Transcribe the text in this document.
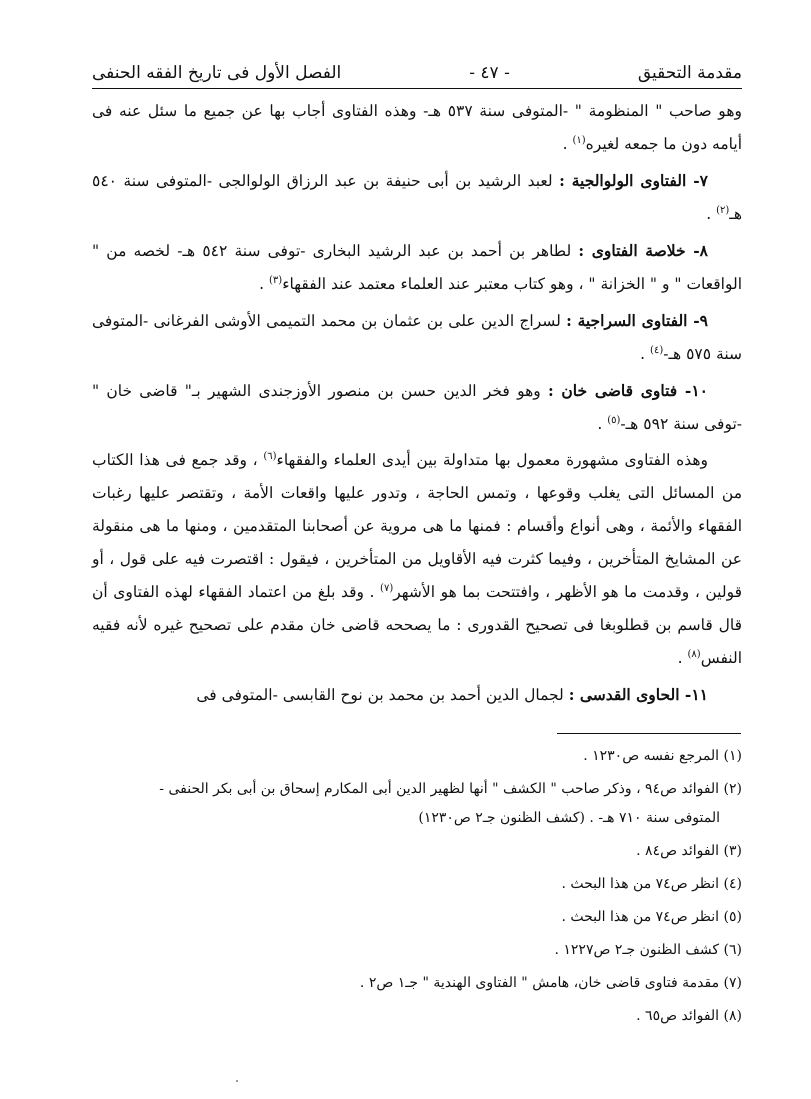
مقدمة التحقيق
- ٤٧ -
الفصل الأول فى تاريخ الفقه الحنفى

وهو صاحب " المنظومة " -المتوفى سنة ٥٣٧ هـ- وهذه الفتاوى أجاب بها عن جميع ما سئل عنه فى أيامه دون ما جمعه لغيره$^{(١)}$ .

٧- الفتاوى الولوالجية : لعبد الرشيد بن أبى حنيفة بن عبد الرزاق الولوالجى -المتوفى سنة ٥٤٠ هـ$^{(٢)}$ .

٨- خلاصة الفتاوى : لطاهر بن أحمد بن عبد الرشيد البخارى -توفى سنة ٥٤٢ هـ- لخصه من " الواقعات " و " الخزانة " ، وهو كتاب معتبر عند العلماء معتمد عند الفقهاء$^{(٣)}$ .

٩- الفتاوى السراجية : لسراج الدين على بن عثمان بن محمد التميمى الأوشى الفرغانى -المتوفى سنة ٥٧٥ هـ-$^{(٤)}$ .

١٠- فتاوى قاضى خان : وهو فخر الدين حسن بن منصور الأوزجندى الشهير بـ" قاضى خان " -توفى سنة ٥٩٢ هـ-$^{(٥)}$ .

وهذه الفتاوى مشهورة معمول بها متداولة بين أيدى العلماء والفقهاء$^{(٦)}$ ، وقد جمع فى هذا الكتاب من المسائل التى يغلب وقوعها ، وتمس الحاجة ، وتدور عليها واقعات الأمة ، وتقتصر عليها رغبات الفقهاء والأئمة ، وهى أنواع وأقسام : فمنها ما هى مروية عن أصحابنا المتقدمين ، ومنها ما هى منقولة عن المشايخ المتأخرين ، وفيما كثرت فيه الأقاويل من المتأخرين ، فيقول : اقتصرت فيه على قول ، أو قولين ، وقدمت ما هو الأظهر ، وافتتحت بما هو الأشهر$^{(٧)}$ . وقد بلغ من اعتماد الفقهاء لهذه الفتاوى أن قال قاسم بن قطلوبغا فى تصحيح القدورى : ما يصححه قاضى خان مقدم على تصحيح غيره لأنه فقيه النفس$^{(٨)}$ .

١١- الحاوى القدسى : لجمال الدين أحمد بن محمد بن نوح القابسى -المتوفى فى

(١) المرجع نفسه ص١٢٣٠ .
(٢) الفوائد ص٩٤ ، وذكر صاحب " الكشف " أنها لظهير الدين أبى المكارم إسحاق بن أبى بكر الحنفى -
المتوفى سنة ٧١٠ هـ- . (كشف الظنون جـ٢ ص١٢٣٠)
(٣) الفوائد ص٨٤ .
(٤) انظر ص٧٤ من هذا البحث .
(٥) انظر ص٧٤ من هذا البحث .
(٦) كشف الظنون جـ٢ ص١٢٢٧ .
(٧) مقدمة فتاوى قاضى خان، هامش " الفتاوى الهندية " جـ١ ص٢ .
(٨) الفوائد ص٦٥ .
